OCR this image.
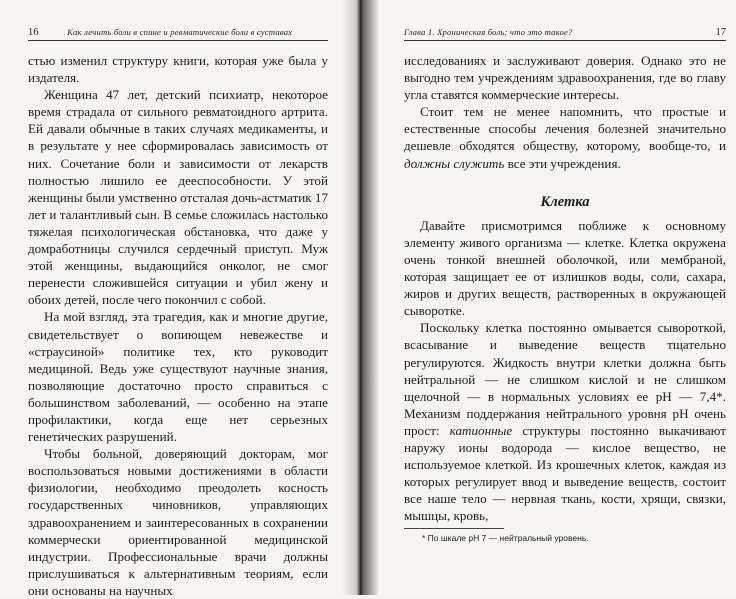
16	Как лечить боли в спине и ревматические боли в суставах

стью изменил структуру книги, которая уже была у издателя.

Женщина 47 лет, детский психиатр, некоторое время страдала от сильного ревматоидного артрита. Ей давали обычные в таких случаях медикаменты, и в результате у нее сформировалась зависимость от них. Сочетание боли и зависимости от лекарств полностью лишило ее дееспособности. У этой женщины были умственно отсталая дочь-астматик 17 лет и талантливый сын. В семье сложилась настолько тяжелая психологическая обстановка, что даже у домработницы случился сердечный приступ. Муж этой женщины, выдающийся онколог, не смог перенести сложившейся ситуации и убил жену и обоих детей, после чего покончил с собой.

На мой взгляд, эта трагедия, как и многие другие, свидетельствует о вопиющем невежестве и «страусиной» политике тех, кто руководит медициной. Ведь уже существуют научные знания, позволяющие достаточно просто справиться с большинством заболеваний, — особенно на этапе профилактики, когда еще нет серьезных генетических разрушений.

Чтобы больной, доверяющий докторам, мог воспользоваться новыми достижениями в области физиологии, необходимо преодолеть косность государственных чиновников, управляющих здравоохранением и заинтересованных в сохранении коммерчески ориентированной медицинской индустрии. Профессиональные врачи должны прислушиваться к альтернативным теориям, если они основаны на научных

Глава 1. Хроническая боль: что это такое?	17

исследованиях и заслуживают доверия. Однако это не выгодно тем учреждениям здравоохранения, где во главу угла ставятся коммерческие интересы.

Стоит тем не менее напомнить, что простые и естественные способы лечения болезней значительно дешевле обходятся обществу, которому, вообще-то, и должны служить все эти учреждения.

Клетка

Давайте присмотримся поближе к основному элементу живого организма — клетке. Клетка окружена очень тонкой внешней оболочкой, или мембраной, которая защищает ее от излишков воды, соли, сахара, жиров и других веществ, растворенных в окружающей сыворотке.

Поскольку клетка постоянно омывается сывороткой, всасывание и выведение веществ тщательно регулируются. Жидкость внутри клетки должна быть нейтральной — не слишком кислой и не слишком щелочной — в нормальных условиях ее pH — 7,4*. Механизм поддержания нейтрального уровня pH очень прост: катионные структуры постоянно выкачивают наружу ионы водорода — кислое вещество, не используемое клеткой. Из крошечных клеток, каждая из которых регулирует ввод и выведение веществ, состоит все наше тело — нервная ткань, кости, хрящи, связки, мышцы, кровь,

* По шкале pH 7 — нейтральный уровень.
